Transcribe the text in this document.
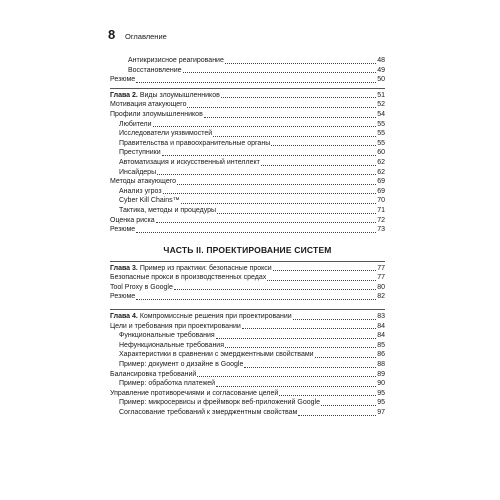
8	Оглавление
Антикризисное реагирование	48
Восстановление	49
Резюме	50
Глава 2. Виды злоумышленников	51
Мотивация атакующего	52
Профили злоумышленников	54
Любители	55
Исследователи уязвимостей	55
Правительства и правоохранительные органы	55
Преступники	60
Автоматизация и искусственный интеллект	62
Инсайдеры	62
Методы атакующего	69
Анализ угроз	69
Cyber Kill Chains™	70
Тактика, методы и процедуры	71
Оценка риска	72
Резюме	73
ЧАСТЬ II. ПРОЕКТИРОВАНИЕ СИСТЕМ
Глава 3. Пример из практики: безопасные прокси	77
Безопасные прокси в производственных средах	77
Tool Proxy в Google	80
Резюме	82
Глава 4. Компромиссные решения при проектировании	83
Цели и требования при проектировании	84
Функциональные требования	84
Нефункциональные требования	85
Характеристики в сравнении с эмерджентными свойствами	86
Пример: документ о дизайне в Google	88
Балансировка требований	89
Пример: обработка платежей	90
Управление противоречиями и согласование целей	95
Пример: микросервисы и фреймворк веб-приложений Google	95
Согласование требований к эмерджентным свойствам	97
